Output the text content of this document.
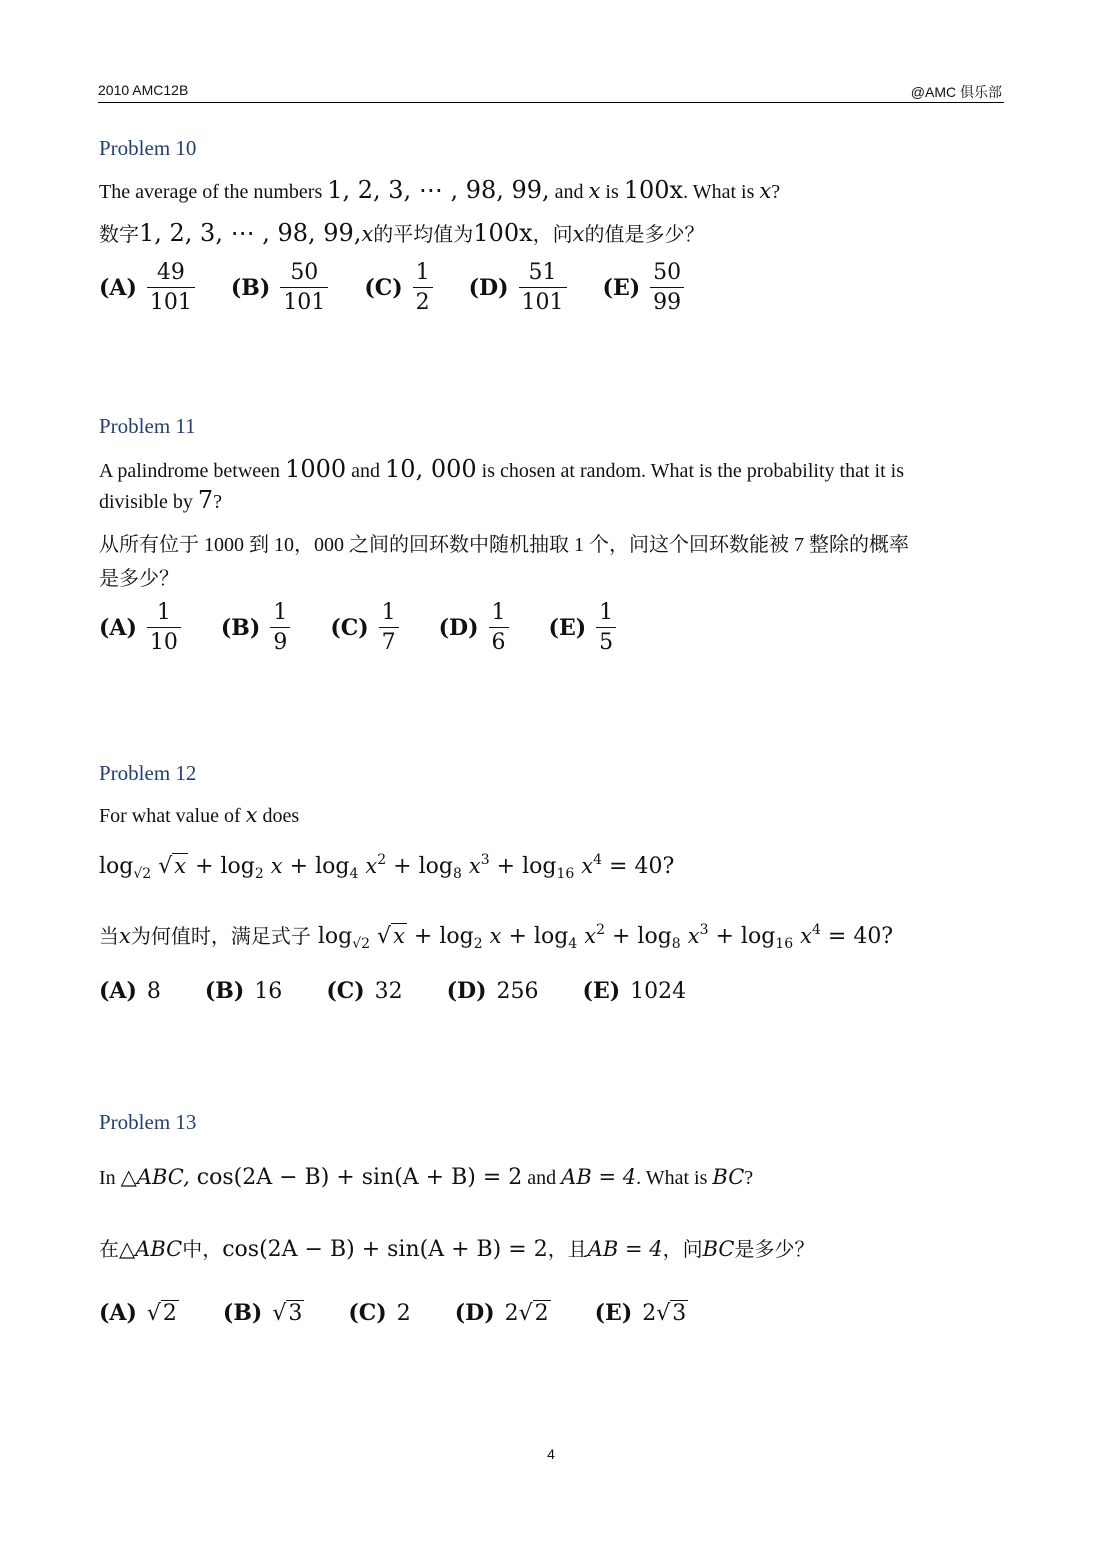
2010 AMC12B	@AMC 俱乐部
Problem 10
The average of the numbers 1, 2, 3, ⋯ , 98, 99, and x is 100x. What is x?
数字1, 2, 3, ⋯ , 98, 99,x的平均值为100x，问x的值是多少？
$(A) \frac{49}{101} (B) \frac{50}{101} (C) \frac{1}{2} (D) \frac{51}{101} (E) \frac{50}{99}$
Problem 11
A palindrome between 1000 and 10, 000 is chosen at random. What is the probability that it is
divisible by 7?
从所有位于 1000 到 10，000 之间的回环数中随机抽取 1 个，问这个回环数能被 7 整除的概率
是多少？
$(A) \frac{1}{10} (B) \frac{1}{9} (C) \frac{1}{7} (D) \frac{1}{6} (E) \frac{1}{5}$
Problem 12
For what value of x does
$\log_{√2} √x + \log_2 x + \log_4 x^2 + \log_8 x^3 + \log_{16} x^4 = 40$?
当x为何值时，满足式子 $\log_{√2} √x + \log_2 x + \log_4 x^2 + \log_8 x^3 + \log_{16} x^4 = 40$?
(A) 8 (B) 16 (C) 32 (D) 256 (E) 1024
Problem 13
In △ABC, cos(2A − B) + sin(A + B) = 2 and AB = 4. What is BC?
在△ABC中，cos(2A − B) + sin(A + B) = 2，且AB = 4，问BC是多少？
(A) √ 2 (B) √ 3 (C) 2 (D) 2 √ 2 (E) 2 √ 3
4
